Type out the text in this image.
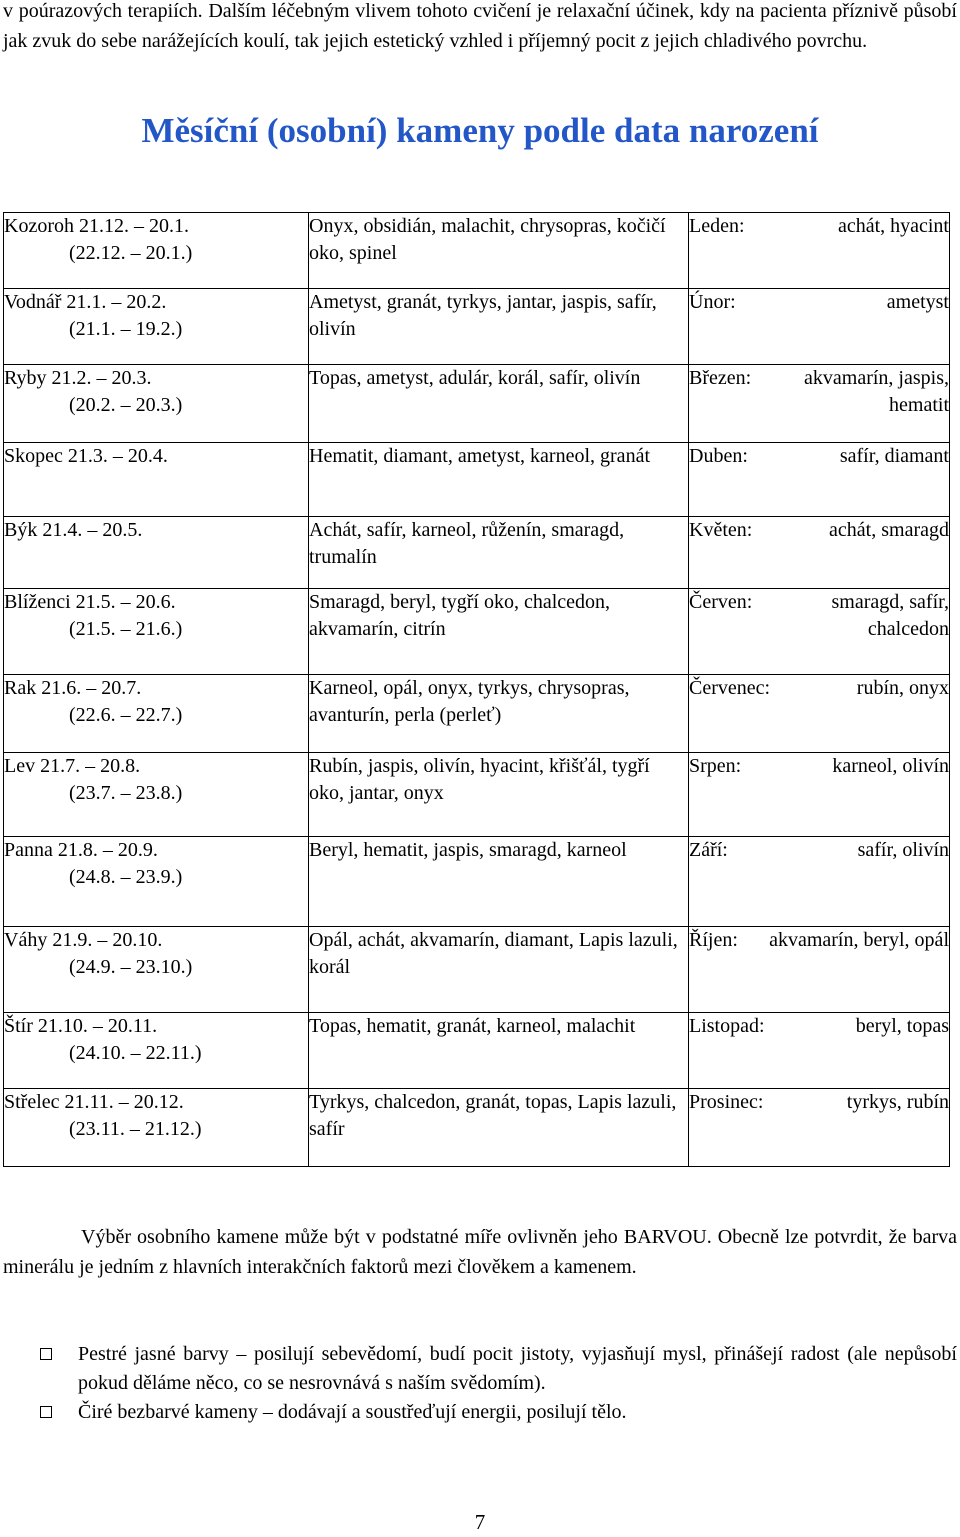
v poúrazových terapiích. Dalším léčebným vlivem tohoto cvičení je relaxační účinek, kdy na pacienta příznivě působí jak zvuk do sebe narážejících koulí, tak jejich estetický vzhled i příjemný pocit z jejich chladivého povrchu.

Měsíční (osobní) kameny podle data narození
Kozoroh 21.12. – 20.1.
(22.12. – 20.1.)	Onyx, obsidián, malachit, chrysopras, kočičí oko, spinel	Leden: achát, hyacint

Vodnář 21.1. – 20.2.
(21.1. – 19.2.)	Ametyst, granát, tyrkys, jantar, jaspis, safír, olivín	Únor: ametyst

Ryby 21.2. – 20.3.
(20.2. – 20.3.)	Topas, ametyst, adulár, korál, safír, olivín	Březen: akvamarín, jaspis, hematit

Skopec 21.3. – 20.4.	Hematit, diamant, ametyst, karneol, granát	Duben: safír, diamant

Býk 21.4. – 20.5.	Achát, safír, karneol, růženín, smaragd, trumalín	Květen: achát, smaragd

Blíženci 21.5. – 20.6.
(21.5. – 21.6.)	Smaragd, beryl, tygří oko, chalcedon, akvamarín, citrín	Červen: smaragd, safír, chalcedon

Rak 21.6. – 20.7.
(22.6. – 22.7.)	Karneol, opál, onyx, tyrkys, chrysopras, avanturín, perla (perleť)	Červenec: rubín, onyx

Lev 21.7. – 20.8.
(23.7. – 23.8.)	Rubín, jaspis, olivín, hyacint, křišťál, tygří oko, jantar, onyx	Srpen: karneol, olivín

Panna 21.8. – 20.9.
(24.8. – 23.9.)	Beryl, hematit, jaspis, smaragd, karneol	Září: safír, olivín

Váhy 21.9. – 20.10.
(24.9. – 23.10.)	Opál, achát, akvamarín, diamant, Lapis lazuli, korál	Říjen: akvamarín, beryl, opál

Štír 21.10. – 20.11.
(24.10. – 22.11.)	Topas, hematit, granát, karneol, malachit	Listopad: beryl, topas

Střelec 21.11. – 20.12.
(23.11. – 21.12.)	Tyrkys, chalcedon, granát, topas, Lapis lazuli, safír	Prosinec: tyrkys, rubín

Výběr osobního kamene může být v podstatné míře ovlivněn jeho BARVOU. Obecně lze potvrdit, že barva minerálu je jedním z hlavních interakčních faktorů mezi člověkem a kamenem.

Pestré jasné barvy – posilují sebevědomí, budí pocit jistoty, vyjasňují mysl, přinášejí radost (ale nepůsobí pokud děláme něco, co se nesrovnává s naším svědomím).
Čiré bezbarvé kameny – dodávají a soustřeďují energii, posilují tělo.
7
